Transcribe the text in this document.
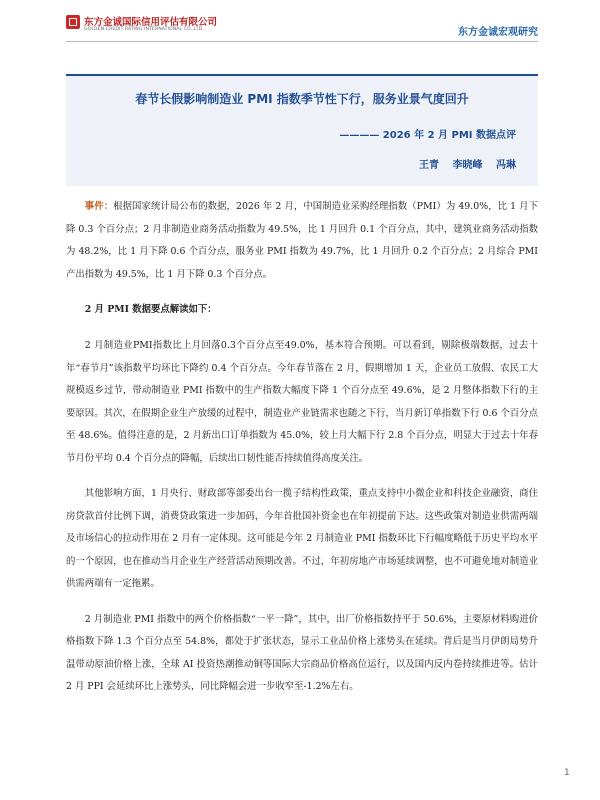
东方金诚国际信用评估有限公司
GOLDEN CREDIT RATING INTERNATIONAL CO.,LTD.	东方金诚宏观研究
春节长假影响制造业 PMI 指数季节性下行，服务业景气度回升
———— 2026 年 2 月 PMI 数据点评
王青 李晓峰 冯琳

事件：根据国家统计局公布的数据，2026 年 2 月，中国制造业采购经理指数（PMI）为 49.0%，比 1 月下降 0.3 个百分点；2 月非制造业商务活动指数为 49.5%，比 1 月回升 0.1 个百分点，其中，建筑业商务活动指数为 48.2%，比 1 月下降 0.6 个百分点，服务业 PMI 指数为 49.7%，比 1 月回升 0.2 个百分点；2 月综合 PMI 产出指数为 49.5%，比 1 月下降 0.3 个百分点。

2 月 PMI 数据要点解读如下：

2 月制造业PMI指数比上月回落0.3个百分点至49.0%，基本符合预期。可以看到，剔除极端数据，过去十年“春节月”该指数平均环比下降约 0.4 个百分点。今年春节落在 2 月，假期增加 1 天，企业员工放假、农民工大规模返乡过节，带动制造业 PMI 指数中的生产指数大幅度下降 1 个百分点至 49.6%，是 2 月整体指数下行的主要原因。其次，在假期企业生产放缓的过程中，制造业产业链需求也随之下行，当月新订单指数下行 0.6 个百分点至 48.6%。值得注意的是，2 月新出口订单指数为 45.0%，较上月大幅下行 2.8 个百分点，明显大于过去十年春节月份平均 0.4 个百分点的降幅，后续出口韧性能否持续值得高度关注。

其他影响方面，1 月央行、财政部等部委出台一揽子结构性政策，重点支持中小微企业和科技企业融资，商住房贷款首付比例下调，消费贷政策进一步加码，今年首批国补资金也在年初提前下达。这些政策对制造业供需两端及市场信心的拉动作用在 2 月有一定体现。这可能是今年 2 月制造业 PMI 指数环比下行幅度略低于历史平均水平的一个原因，也在推动当月企业生产经营活动预期改善。不过，年初房地产市场延续调整，也不可避免地对制造业供需两端有一定拖累。

2 月制造业 PMI 指数中的两个价格指数“一平一降”，其中，出厂价格指数持平于 50.6%，主要原材料购进价格指数下降 1.3 个百分点至 54.8%，都处于扩张状态，显示工业品价格上涨势头在延续。背后是当月伊朗局势升温带动原油价格上涨，全球 AI 投资热潮推动铜等国际大宗商品价格高位运行，以及国内反内卷持续推进等。估计 2 月 PPI 会延续环比上涨势头，同比降幅会进一步收窄至-1.2%左右。

1
